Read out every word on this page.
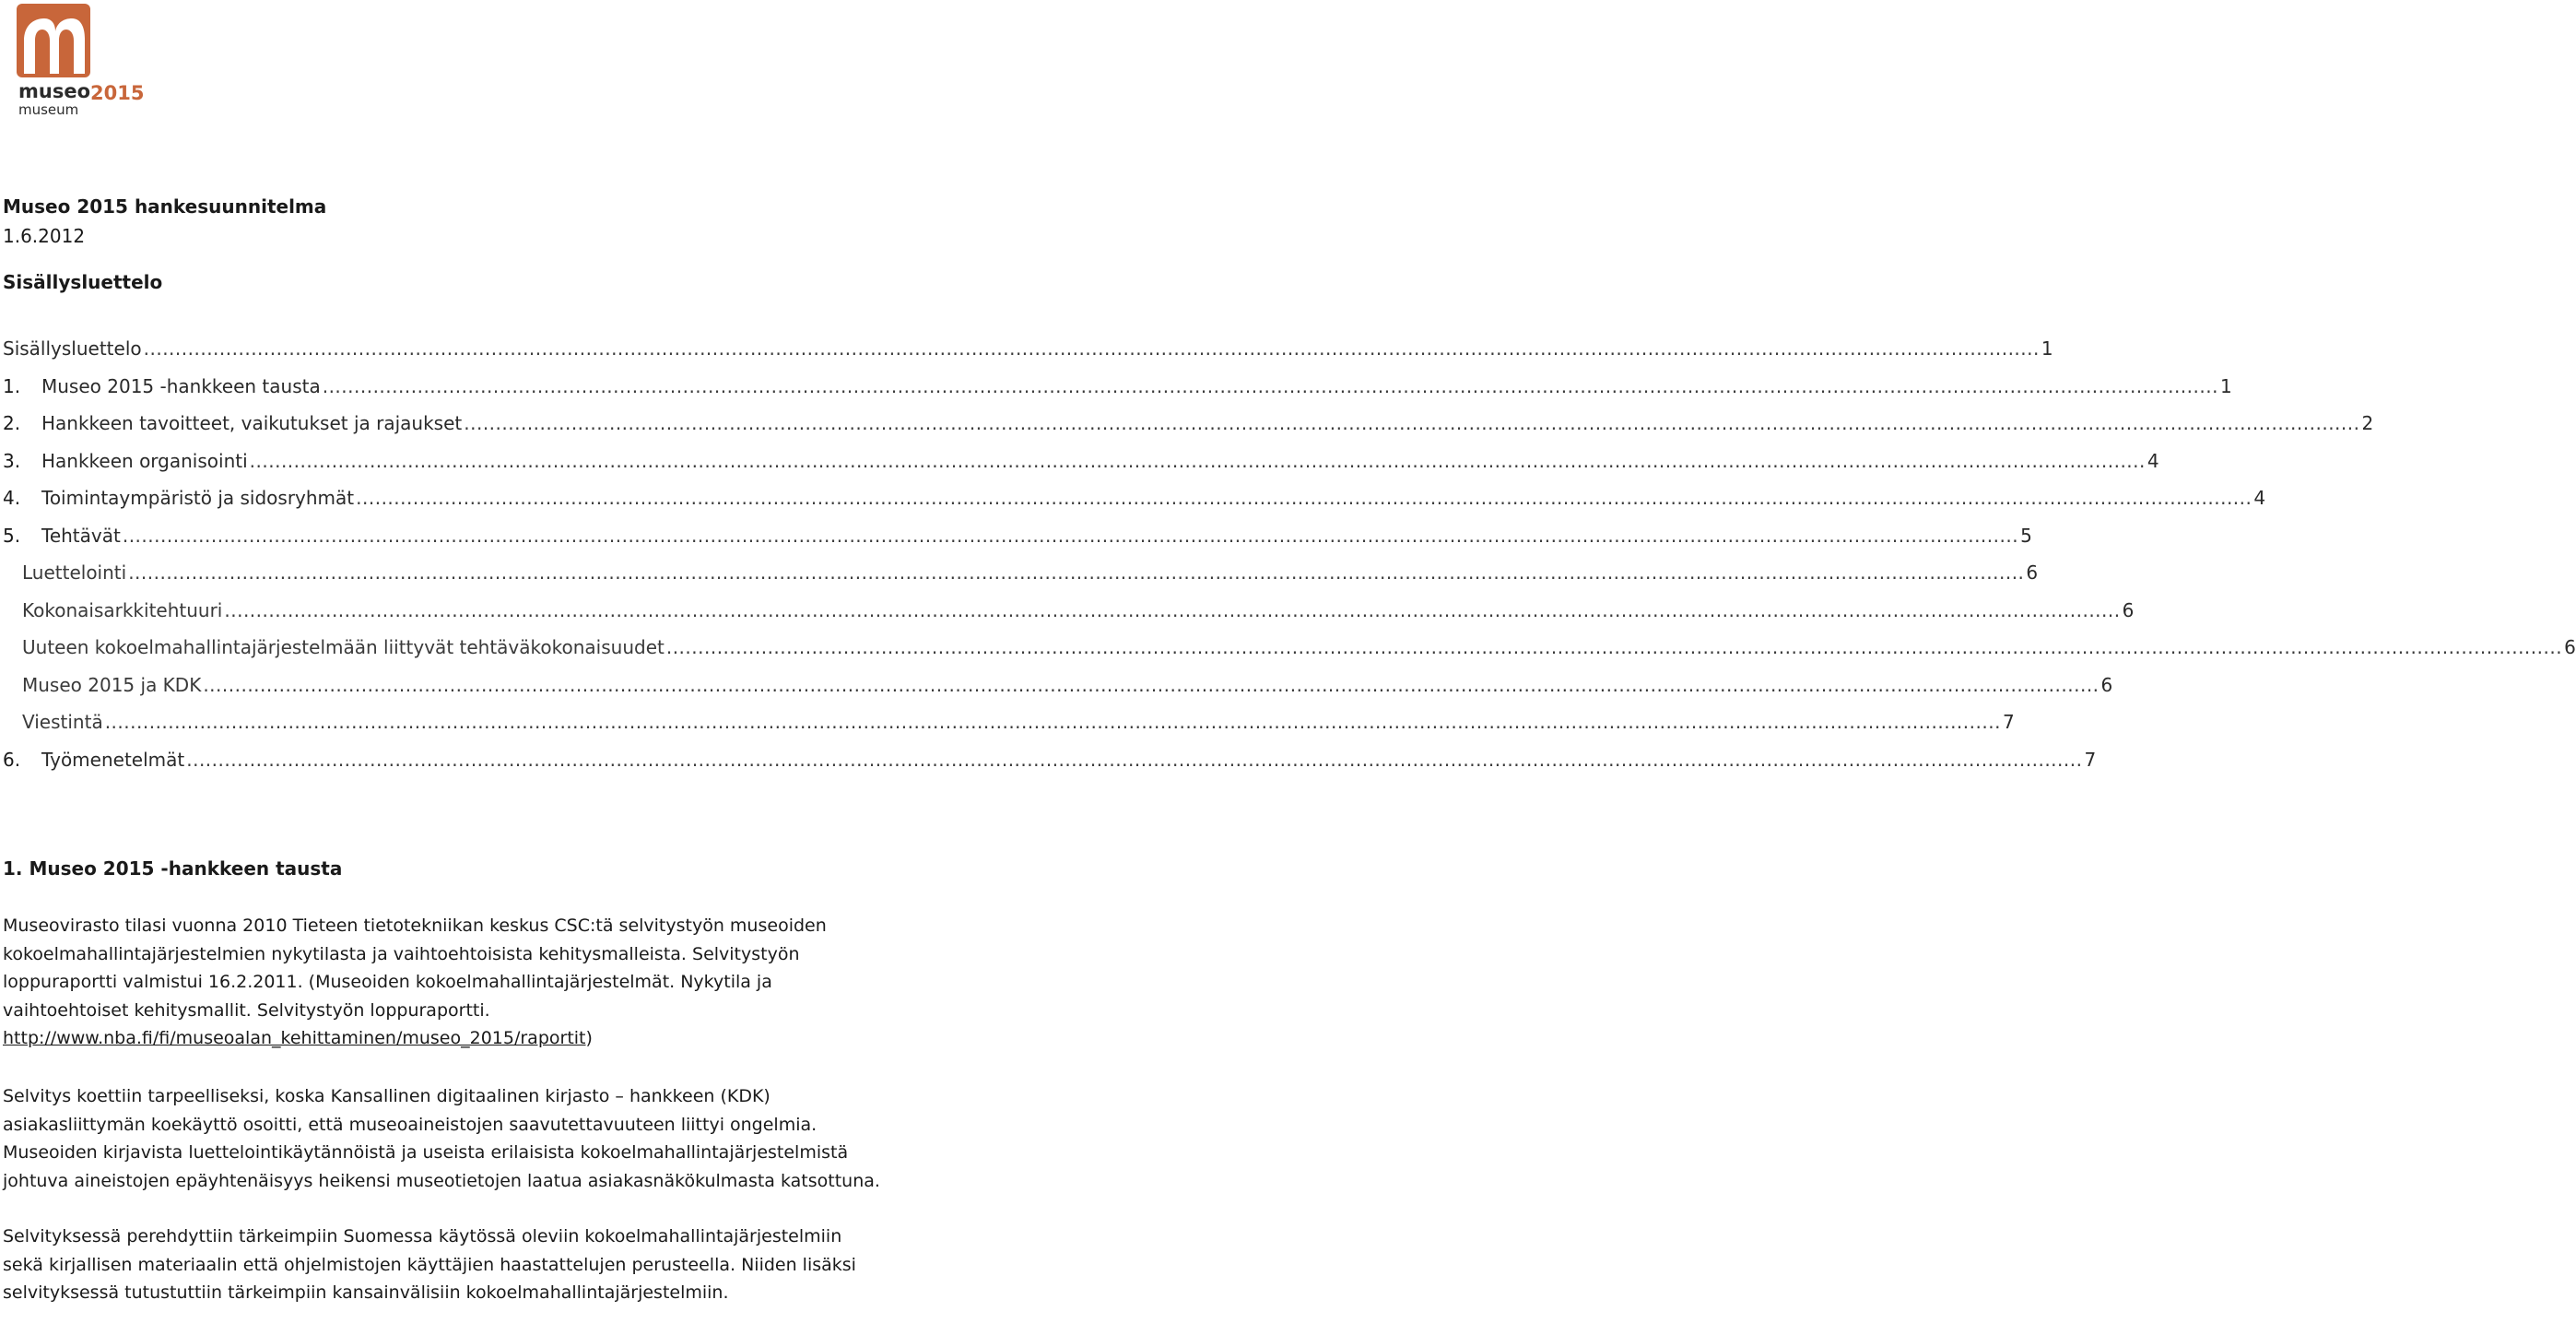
museo 2015
museum
Museo 2015 hankesuunnitelma

1.6.2012

Sisällysluettelo
Sisällysluettelo ............................................................................................................................................................................................................................................................................................................ 1
1.	Museo 2015 -hankkeen tausta ............................................................................................................................................................................................................................................................................................................ 1
2.	Hankkeen tavoitteet, vaikutukset ja rajaukset ............................................................................................................................................................................................................................................................................................................ 2
3.	Hankkeen organisointi ............................................................................................................................................................................................................................................................................................................ 4
4.	Toimintaympäristö ja sidosryhmät ............................................................................................................................................................................................................................................................................................................ 4
5.	Tehtävät ............................................................................................................................................................................................................................................................................................................ 5
Luettelointi ............................................................................................................................................................................................................................................................................................................ 6
Kokonaisarkkitehtuuri ............................................................................................................................................................................................................................................................................................................ 6
Uuteen kokoelmahallintajärjestelmään liittyvät tehtäväkokonaisuudet ............................................................................................................................................................................................................................................................................................................ 6
Museo 2015 ja KDK ............................................................................................................................................................................................................................................................................................................ 6
Viestintä ............................................................................................................................................................................................................................................................................................................ 7
6.	Työmenetelmät ............................................................................................................................................................................................................................................................................................................ 7
1. Museo 2015 -hankkeen tausta

Museovirasto tilasi vuonna 2010 Tieteen tietotekniikan keskus CSC:tä selvitystyön museoiden kokoelmahallintajärjestelmien nykytilasta ja vaihtoehtoisista kehitysmalleista. Selvitystyön loppuraportti valmistui 16.2.2011. (Museoiden kokoelmahallintajärjestelmät. Nykytila ja vaihtoehtoiset kehitysmallit. Selvitystyön loppuraportti. http://www.nba.fi/fi/museoalan_kehittaminen/museo_2015/raportit)

Selvitys koettiin tarpeelliseksi, koska Kansallinen digitaalinen kirjasto – hankkeen (KDK) asiakasliittymän koekäyttö osoitti, että museoaineistojen saavutettavuuteen liittyi ongelmia. Museoiden kirjavista luettelointikäytännöistä ja useista erilaisista kokoelmahallintajärjestelmistä johtuva aineistojen epäyhtenäisyys heikensi museotietojen laatua asiakasnäkökulmasta katsottuna.

Selvityksessä perehdyttiin tärkeimpiin Suomessa käytössä oleviin kokoelmahallintajärjestelmiin sekä kirjallisen materiaalin että ohjelmistojen käyttäjien haastattelujen perusteella. Niiden lisäksi selvityksessä tutustuttiin tärkeimpiin kansainvälisiin kokoelmahallintajärjestelmiin.
